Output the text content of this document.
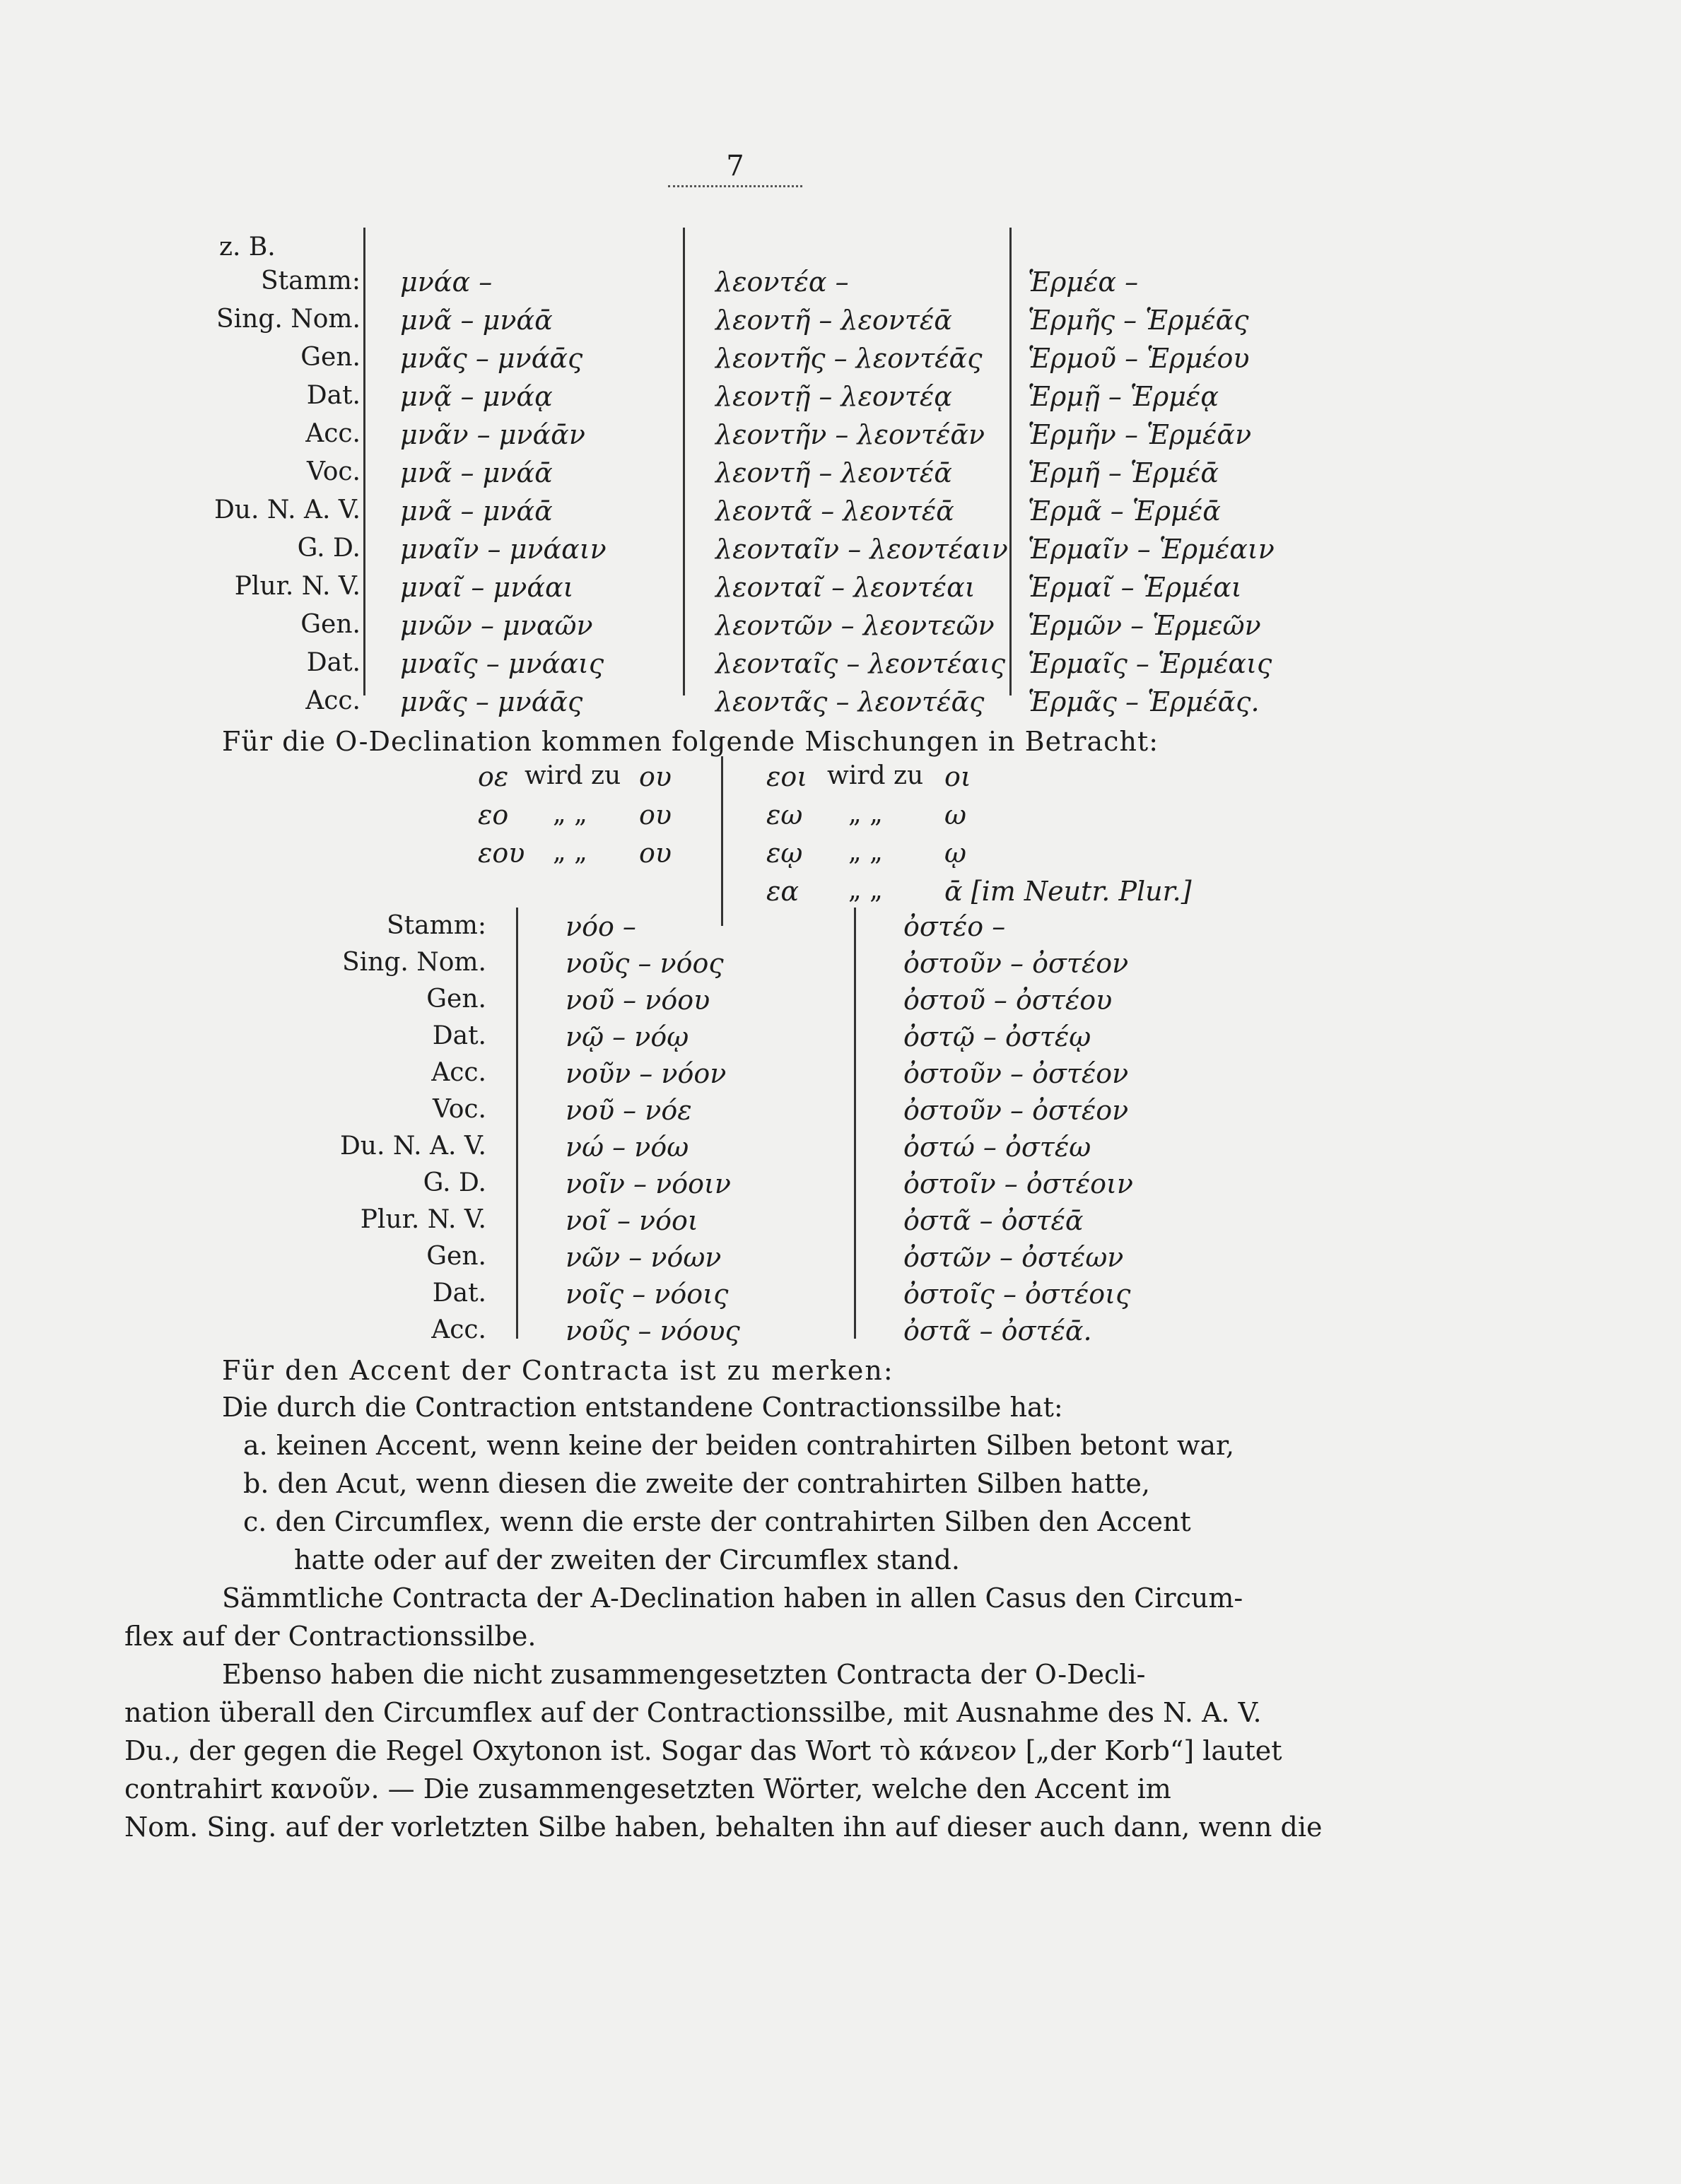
7
z. B.
Stamm:
Sing. Nom.
Gen.
Dat.
Acc.
Voc.
Du. N. A. V.
G. D.
Plur. N. V.
Gen.
Dat.
Acc.
μνάα –
μνᾶ – μνάᾱ
μνᾶς – μνάᾱς
μνᾷ – μνάᾳ
μνᾶν – μνάᾱν
μνᾶ – μνάᾱ
μνᾶ – μνάᾱ
μναῖν – μνάαιν
μναῖ – μνάαι
μνῶν – μναῶν
μναῖς – μνάαις
μνᾶς – μνάᾱς
λεοντέα –
λεοντῆ – λεοντέᾱ
λεοντῆς – λεοντέᾱς
λεοντῇ – λεοντέᾳ
λεοντῆν – λεοντέᾱν
λεοντῆ – λεοντέᾱ
λεοντᾶ – λεοντέᾱ
λεονταῖν – λεοντέαιν
λεονταῖ – λεοντέαι
λεοντῶν – λεοντεῶν
λεονταῖς – λεοντέαις
λεοντᾶς – λεοντέᾱς
Ἑρμέα –
Ἑρμῆς – Ἑρμέᾱς
Ἑρμοῦ – Ἑρμέου
Ἑρμῇ – Ἑρμέᾳ
Ἑρμῆν – Ἑρμέᾱν
Ἑρμῆ – Ἑρμέᾱ
Ἑρμᾶ – Ἑρμέᾱ
Ἑρμαῖν – Ἑρμέαιν
Ἑρμαῖ – Ἑρμέαι
Ἑρμῶν – Ἑρμεῶν
Ἑρμαῖς – Ἑρμέαις
Ἑρμᾶς – Ἑρμέᾱς.
Für die O-Declination kommen folgende Mischungen in Betracht:
οε wird zu ου
εο „ „ ου
εου „ „ ου
εοι wird zu οι
εω „ „ ω
εῳ „ „ ῳ
εα „ „ ᾱ [im Neutr. Plur.]
Stamm:
Sing. Nom.
Gen.
Dat.
Acc.
Voc.
Du. N. A. V.
G. D.
Plur. N. V.
Gen.
Dat.
Acc.
νόο –
νοῦς – νόος
νοῦ – νόου
νῷ – νόῳ
νοῦν – νόον
νοῦ – νόε
νώ – νόω
νοῖν – νόοιν
νοῖ – νόοι
νῶν – νόων
νοῖς – νόοις
νοῦς – νόους
ὀστέο –
ὀστοῦν – ὀστέον
ὀστοῦ – ὀστέου
ὀστῷ – ὀστέῳ
ὀστοῦν – ὀστέον
ὀστοῦν – ὀστέον
ὀστώ – ὀστέω
ὀστοῖν – ὀστέοιν
ὀστᾶ – ὀστέᾱ
ὀστῶν – ὀστέων
ὀστοῖς – ὀστέοις
ὀστᾶ – ὀστέᾱ.
Für den Accent der Contracta ist zu merken:
Die durch die Contraction entstandene Contractionssilbe hat:
a. keinen Accent, wenn keine der beiden contrahirten Silben betont war,
b. den Acut, wenn diesen die zweite der contrahirten Silben hatte,
c. den Circumflex, wenn die erste der contrahirten Silben den Accent
hatte oder auf der zweiten der Circumflex stand.
Sämmtliche Contracta der A-Declination haben in allen Casus den Circum-
flex auf der Contractionssilbe.
Ebenso haben die nicht zusammengesetzten Contracta der O-Decli-
nation überall den Circumflex auf der Contractionssilbe, mit Ausnahme des N. A. V.
Du., der gegen die Regel Oxytonon ist. Sogar das Wort τὸ κάνεον [„der Korb“] lautet
contrahirt κανοῦν. — Die zusammengesetzten Wörter, welche den Accent im
Nom. Sing. auf der vorletzten Silbe haben, behalten ihn auf dieser auch dann, wenn die
